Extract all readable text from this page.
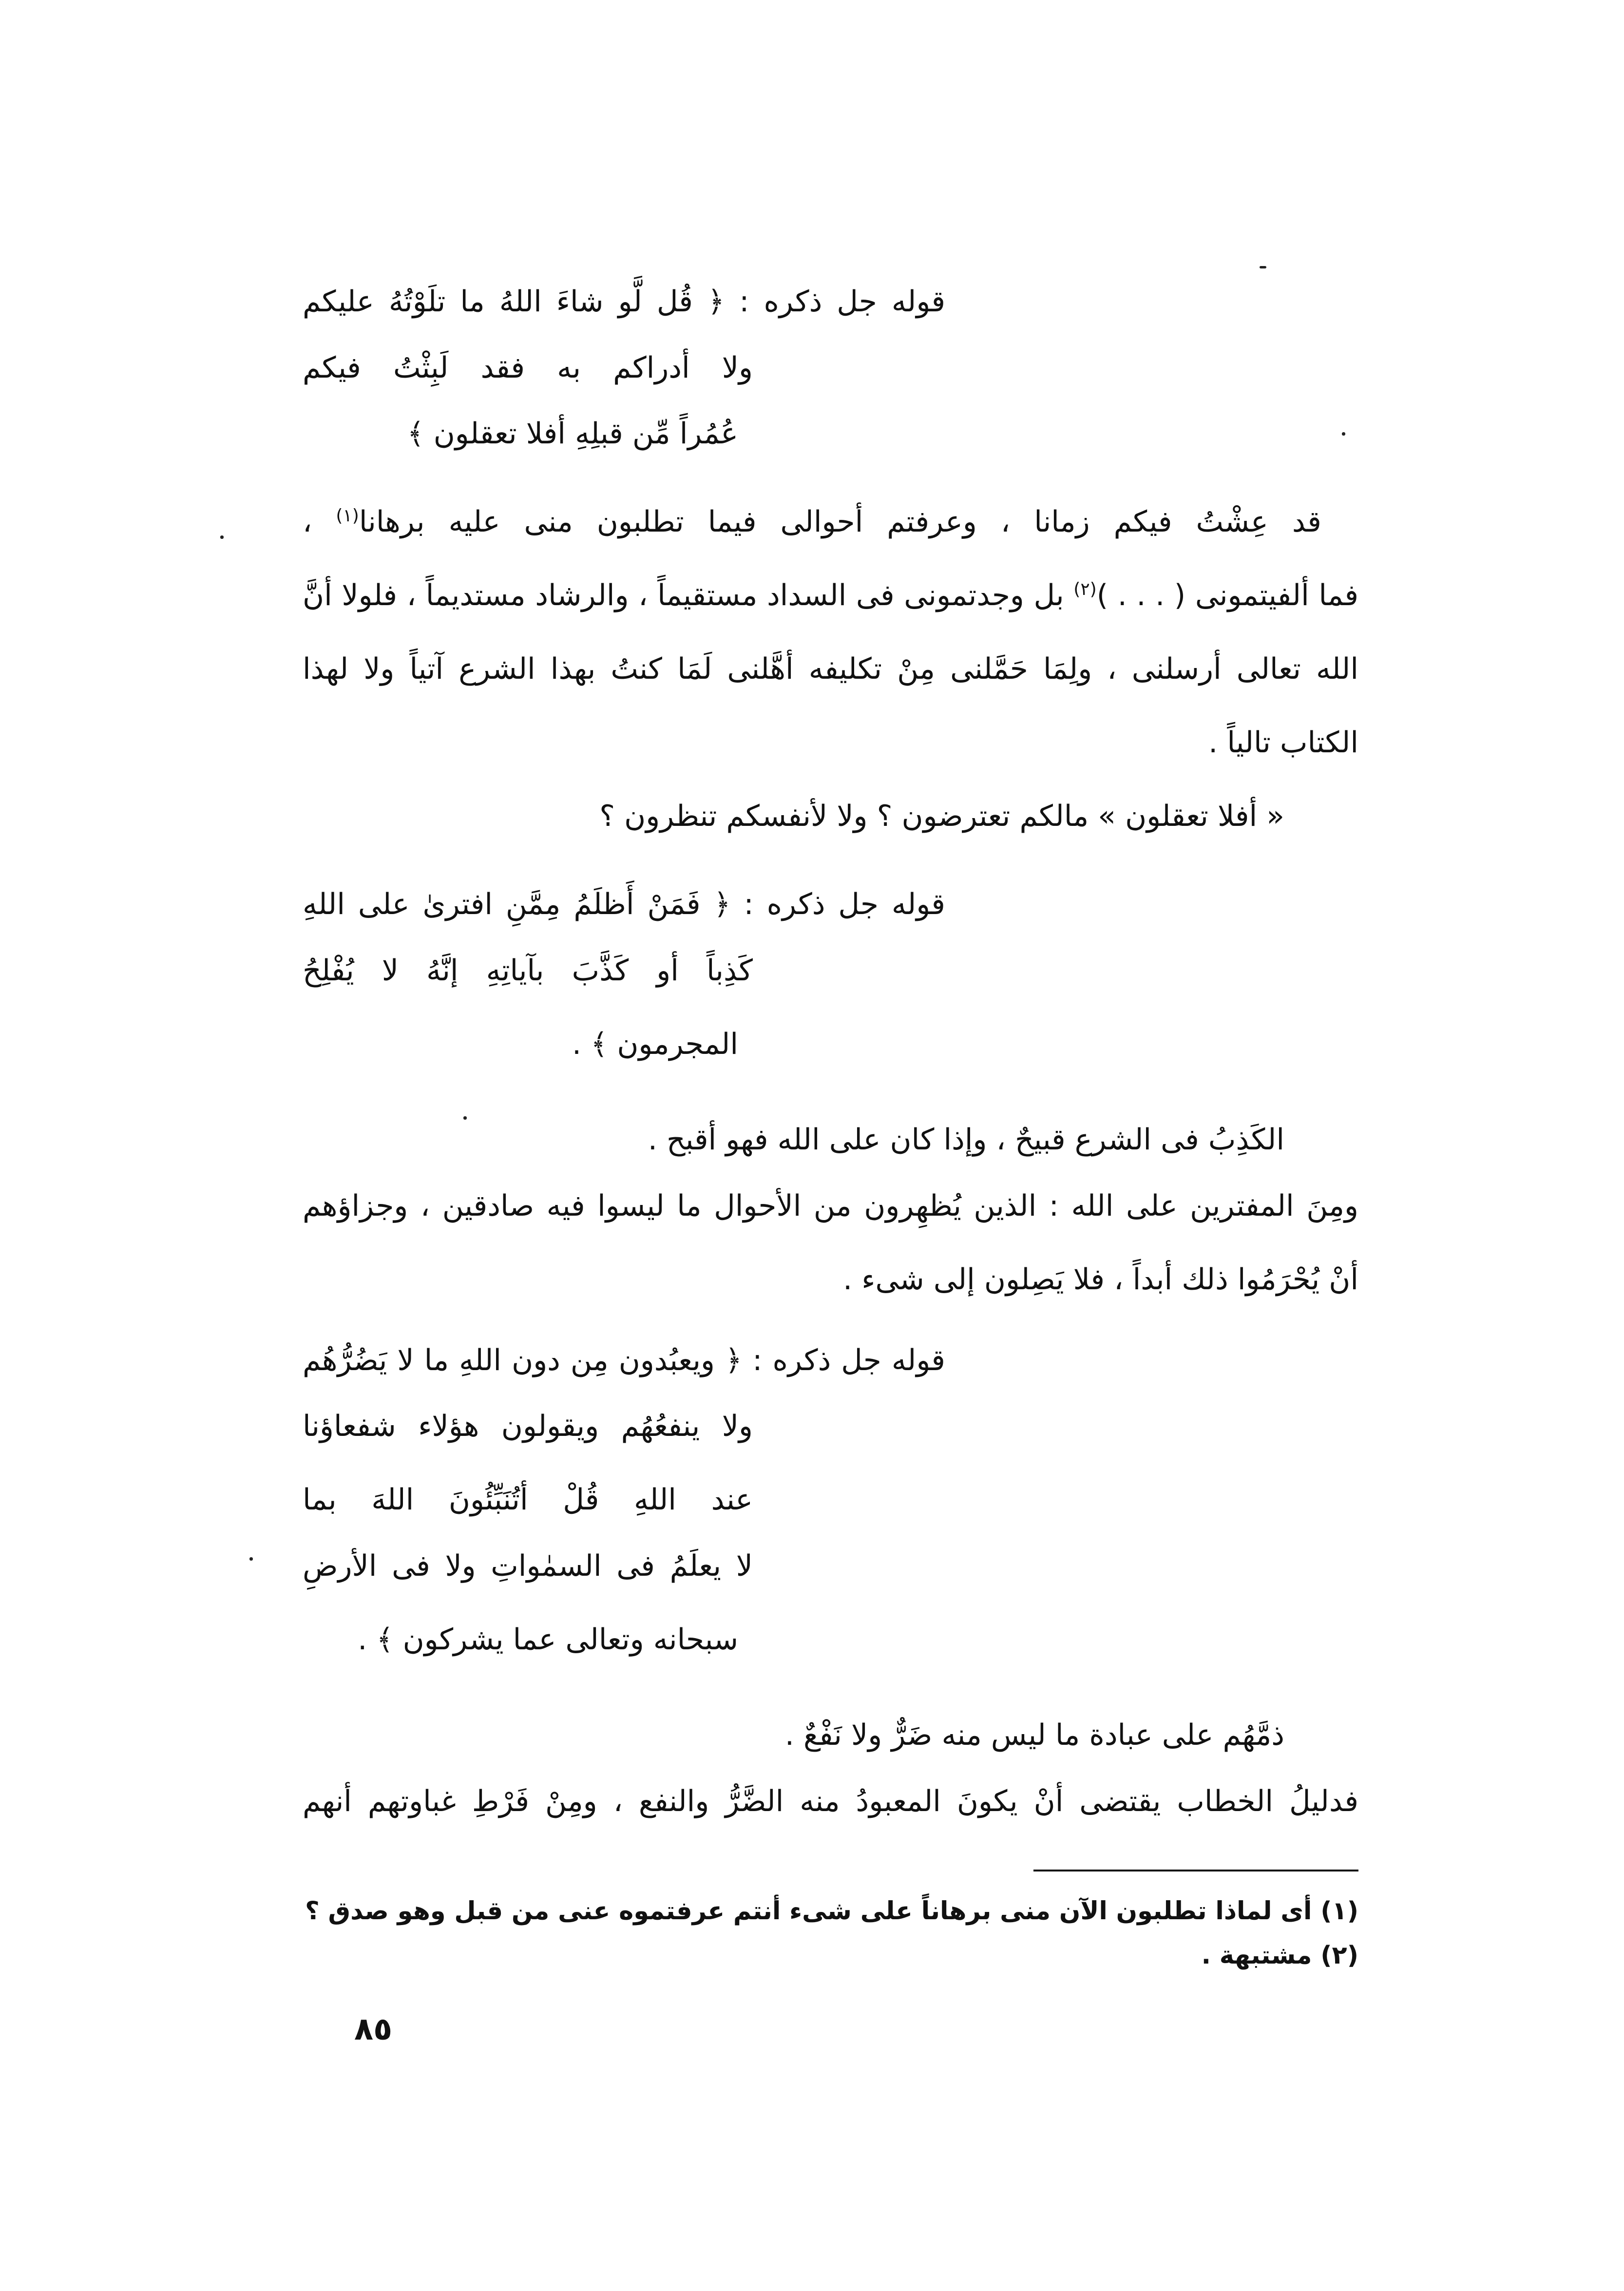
قوله جل ذكره : ﴿ قُل لَّو شاءَ اللهُ ما تلَوْتُهُ عليكم
ولا أدراكم به فقد لَبِثْتُ فيكم
عُمُراً مِّن قبلِهِ أفلا تعقلون ﴾
قد عِشْتُ فيكم زمانا ، وعرفتم أحوالى فيما تطلبون منى عليه برهانا$^{(١)}$ ،
فما ألفيتمونى ( . . . )$^{(٢)}$ بل وجدتمونى فى السداد مستقيماً ، والرشاد مستديماً ، فلولا أنَّ
الله تعالى أرسلنى ، ولِمَا حَمَّلنى مِنْ تكليفه أهَّلنى لَمَا كنتُ بهذا الشرع آتياً ولا لهذا
الكتاب تالياً .
« أفلا تعقلون » مالكم تعترضون ؟ ولا لأنفسكم تنظرون ؟
قوله جل ذكره : ﴿ فَمَنْ أَظلَمُ مِمَّنِ افترىٰ على اللهِ
كَذِباً أو كَذَّبَ بآياتِهِ إنَّهُ لا يُفْلِحُ
المجرمون ﴾ .
الكَذِبُ فى الشرع قبيحٌ ، وإذا كان على الله فهو أقبح .
ومِنَ المفترين على الله : الذين يُظهِرون من الأحوال ما ليسوا فيه صادقين ، وجزاؤهم
أنْ يُحْرَمُوا ذلك أبداً ، فلا يَصِلون إلى شىء .
قوله جل ذكره : ﴿ ويعبُدون مِن دون اللهِ ما لا يَضُرُّهُم
ولا ينفعُهُم ويقولون هؤلاء شفعاؤنا
عند اللهِ قُلْ أتُنَبِّئُونَ اللهَ بما
لا يعلَمُ فى السمٰواتِ ولا فى الأرضِ
سبحانه وتعالى عما يشركون ﴾ .
ذمَّهُم على عبادة ما ليس منه ضَرٌّ ولا نَفْعٌ .
فدليلُ الخطاب يقتضى أنْ يكونَ المعبودُ منه الضَّرُّ والنفع ، ومِنْ فَرْطِ غباوتهم أنهم
(١) أى لماذا تطلبون الآن منى برهاناً على شىء أنتم عرفتموه عنى من قبل وهو صدق ؟
(٢) مشتبهة .
٨٥
